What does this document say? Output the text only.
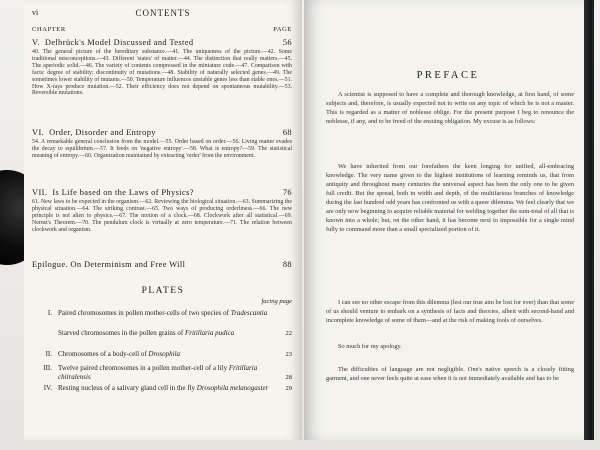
vi	CONTENTS
CHAPTER	PAGE
V. Delbrück's Model Discussed and Tested	56
40. The general picture of the hereditary substance.—41. The uniqueness of the picture.—42. Some traditional misconceptions.—43. Different 'states' of matter.—44. The distinction that really matters.—45. The aperiodic solid.—46. The variety of contents compressed in the miniature code.—47. Comparison with facts: degree of stability; discontinuity of mutations.—48. Stability of naturally selected genes.—49. The sometimes lower stability of mutants.—50. Temperature influences unstable genes less than stable ones.—51. How X-rays produce mutation.—52. Their efficiency does not depend on spontaneous mutability.—53. Reversible mutations.
VI. Order, Disorder and Entropy	68
54. A remarkable general conclusion from the model.—55. Order based on order.—56. Living matter evades the decay to equilibrium.—57. It feeds on 'negative entropy'.—58. What is entropy?—59. The statistical meaning of entropy.—60. Organization maintained by extracting 'order' from the environment.
VII. Is Life based on the Laws of Physics?	76
61. New laws to be expected in the organism.—62. Reviewing the biological situation.—63. Summarizing the physical situation.—64. The striking contrast.—65. Two ways of producing orderliness.—66. The new principle is not alien to physics.—67. The motion of a clock.—68. Clockwork after all statistical.—69. Nernst's Theorem.—70. The pendulum clock is virtually at zero temperature.—71. The relation between clockwork and organism.
Epilogue. On Determinism and Free Will	88
PLATES
facing page
I. Paired chromosomes in pollen mother-cells of two species of Tradescantia
Starved chromosomes in the pollen grains of Fritillaria pudica	22
II. Chromosomes of a body-cell of Drosophila	23
III. Twelve paired chromosomes in a pollen mother-cell of a lily Fritillaria chitralensis	28
IV. Resting nucleus of a salivary gland cell in the fly Drosophila melanogaster	29
PREFACE

A scientist is supposed to have a complete and thorough knowledge, at first hand, of some subjects and, therefore, is usually expected not to write on any topic of which he is not a master. This is regarded as a matter of noblesse oblige. For the present purpose I beg to renounce the noblesse, if any, and to be freed of the ensuing obligation. My excuse is as follows:

We have inherited from our forefathers the keen longing for unified, all-embracing knowledge. The very name given to the highest institutions of learning reminds us, that from antiquity and throughout many centuries the universal aspect has been the only one to be given full credit. But the spread, both in width and depth, of the multifarious branches of knowledge during the last hundred odd years has confronted us with a queer dilemma. We feel clearly that we are only now beginning to acquire reliable material for welding together the sum-total of all that is known into a whole; but, on the other hand, it has become next to impossible for a single mind fully to command more than a small specialized portion of it.

I can see no other escape from this dilemma (lest our true aim be lost for ever) than that some of us should venture to embark on a synthesis of facts and theories, albeit with second-hand and incomplete knowledge of some of them—and at the risk of making fools of ourselves.

So much for my apology.

The difficulties of language are not negligible. One's native speech is a closely fitting garment, and one never feels quite at ease when it is not immediately available and has to be
